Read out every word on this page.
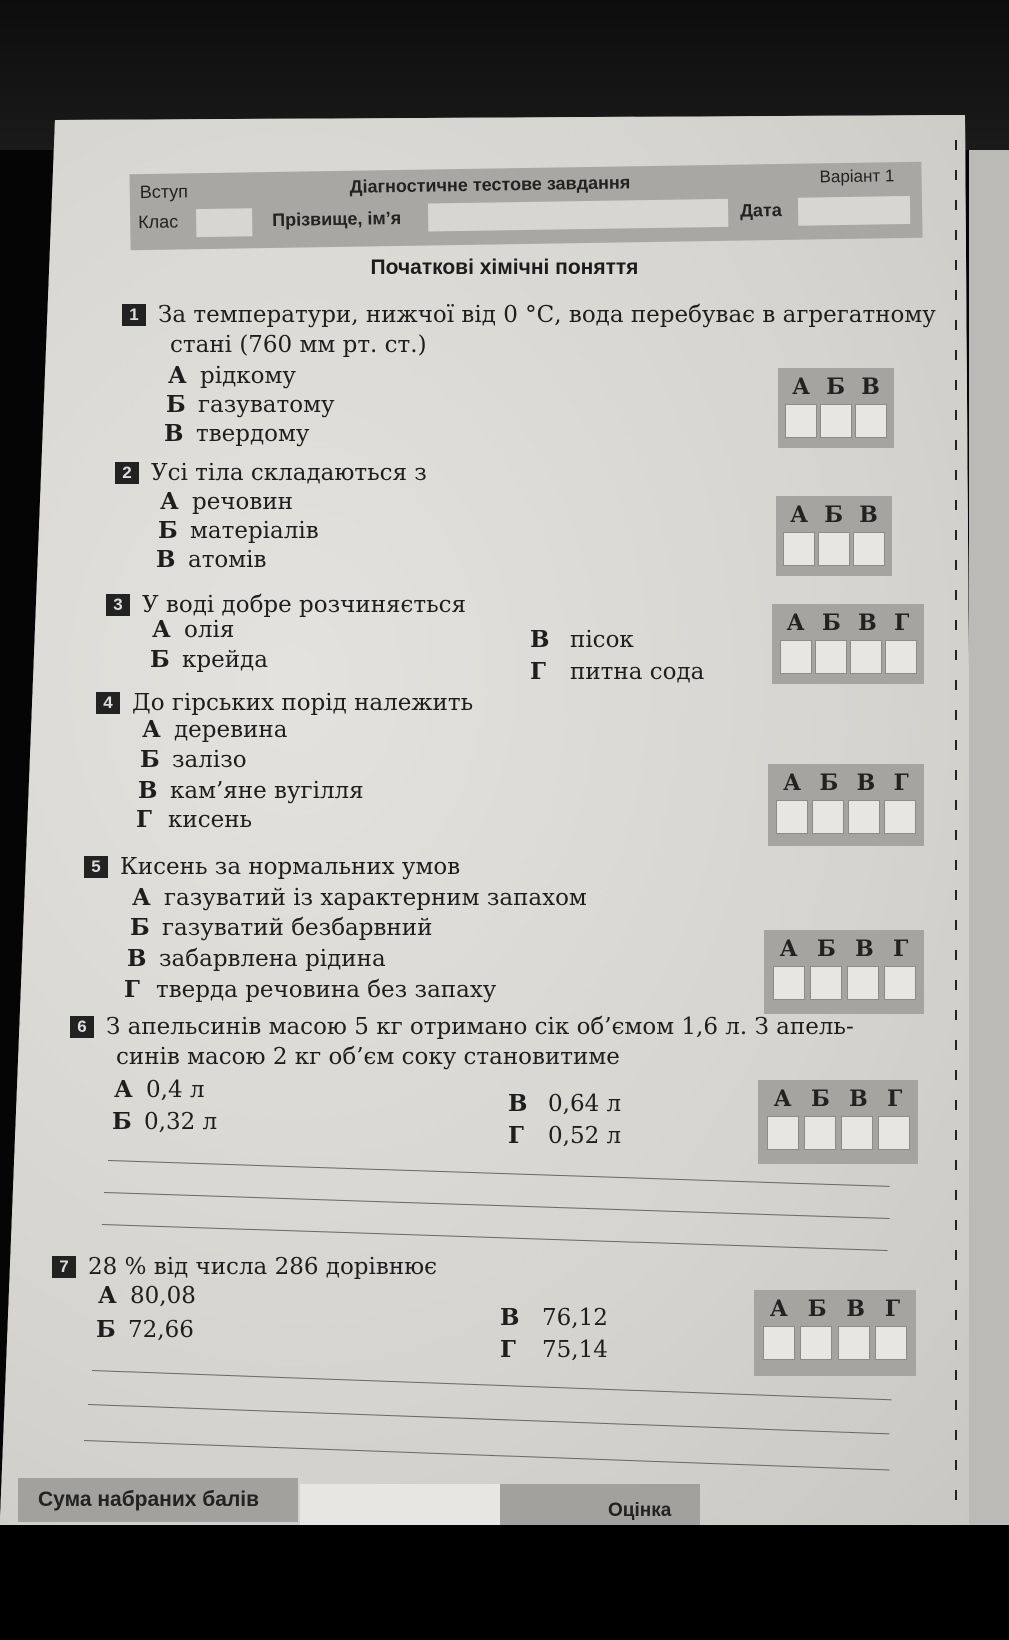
Вступ
Клас
Діагностичне тестове завдання
Прізвище, ім’я	Дата
Варіант 1
Початкові хімічні поняття
1 За температури, нижчої від 0 °С, вода перебуває в агрегатному
стані (760 мм рт. ст.)
А рідкому
Б газуватому
В твердому
А Б В
2 Усі тіла складаються з
А речовин
Б матеріалів
В атомів
А Б В
3 У воді добре розчиняється
А олія
Б крейда
В пісок
Г питна сода
А Б В Г
4 До гірських порід належить
А деревина
Б залізо
В кам’яне вугілля
Г кисень
А Б В Г
5 Кисень за нормальних умов
А газуватий із характерним запахом
Б газуватий безбарвний
В забарвлена рідина
Г тверда речовина без запаху
А Б В Г
6 З апельсинів масою 5 кг отримано сік об’ємом 1,6 л. З апель-
синів масою 2 кг об’єм соку становитиме
А 0,4 л
Б 0,32 л
В 0,64 л
Г 0,52 л
А Б В Г
7 28 % від числа 286 дорівнює
А 80,08
Б 72,66	В 76,12
Г 75,14
А Б В Г
Сума набраних балів	Оцінка
